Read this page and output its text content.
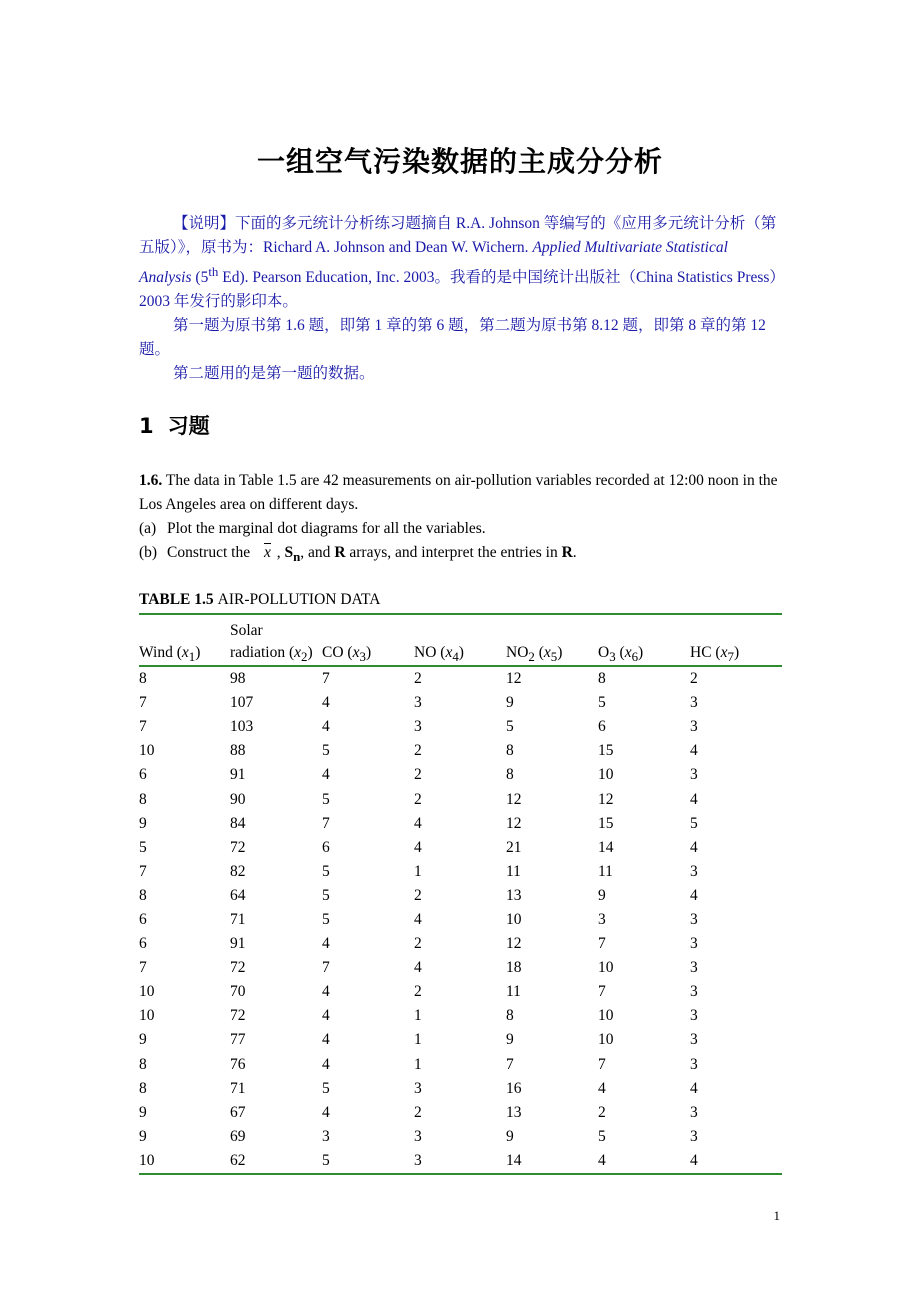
一组空气污染数据的主成分分析

【说明】下面的多元统计分析练习题摘自 R.A. Johnson 等编写的《应用多元统计分析（第五版）》，原书为：Richard A. Johnson and Dean W. Wichern. Applied Multivariate Statistical Analysis (5th Ed). Pearson Education, Inc. 2003。我看的是中国统计出版社（China Statistics Press）2003 年发行的影印本。

第一题为原书第 1.6 题，即第 1 章的第 6 题，第二题为原书第 8.12 题，即第 8 章的第 12 题。

第二题用的是第一题的数据。

1 习题

1.6. The data in Table 1.5 are 42 measurements on air-pollution variables recorded at 12:00 noon in the Los Angeles area on different days.

(a) Plot the marginal dot diagrams for all the variables.

(b) Construct the x , $S_n$, and R arrays, and interpret the entries in R.

TABLE 1.5 AIR-POLLUTION DATA
	Solar					
Wind $(x_1)$	radiation $(x_2)$	CO $(x_3)$	NO $(x_4)$	$NO_2$ $(x_5)$	$O_3$ $(x_6)$	HC $(x_7)$
8	98	7	2	12	8	2
7	107	4	3	9	5	3
7	103	4	3	5	6	3
10	88	5	2	8	15	4
6	91	4	2	8	10	3
8	90	5	2	12	12	4
9	84	7	4	12	15	5
5	72	6	4	21	14	4
7	82	5	1	11	11	3
8	64	5	2	13	9	4
6	71	5	4	10	3	3
6	91	4	2	12	7	3
7	72	7	4	18	10	3
10	70	4	2	11	7	3
10	72	4	1	8	10	3
9	77	4	1	9	10	3
8	76	4	1	7	7	3
8	71	5	3	16	4	4
9	67	4	2	13	2	3
9	69	3	3	9	5	3
10	62	5	3	14	4	4
1
